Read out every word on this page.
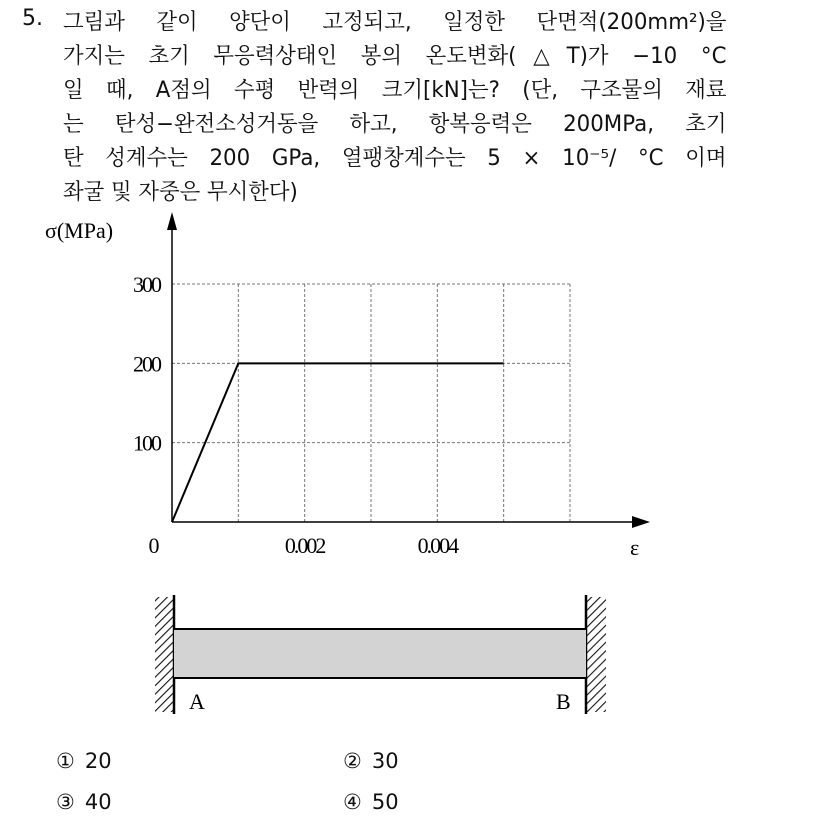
5. 그림과 같이 양단이 고정되고, 일정한 단면적(200mm²)을
가지는 초기 무응력상태인 봉의 온도변화(△T)가 −10 °C
일 때, A점의 수평 반력의 크기[kN]는? (단, 구조물의 재료
는 탄성−완전소성거동을 하고, 항복응력은 200MPa, 초기
탄 성계수는 200 GPa, 열팽창계수는 5 × 10⁻⁵/ °C 이며
좌굴 및 자중은 무시한다)
100
200
300
0	0.002	0.004
σ(MPa)
ε
A	B
① 20	② 30
③ 40	④ 50
